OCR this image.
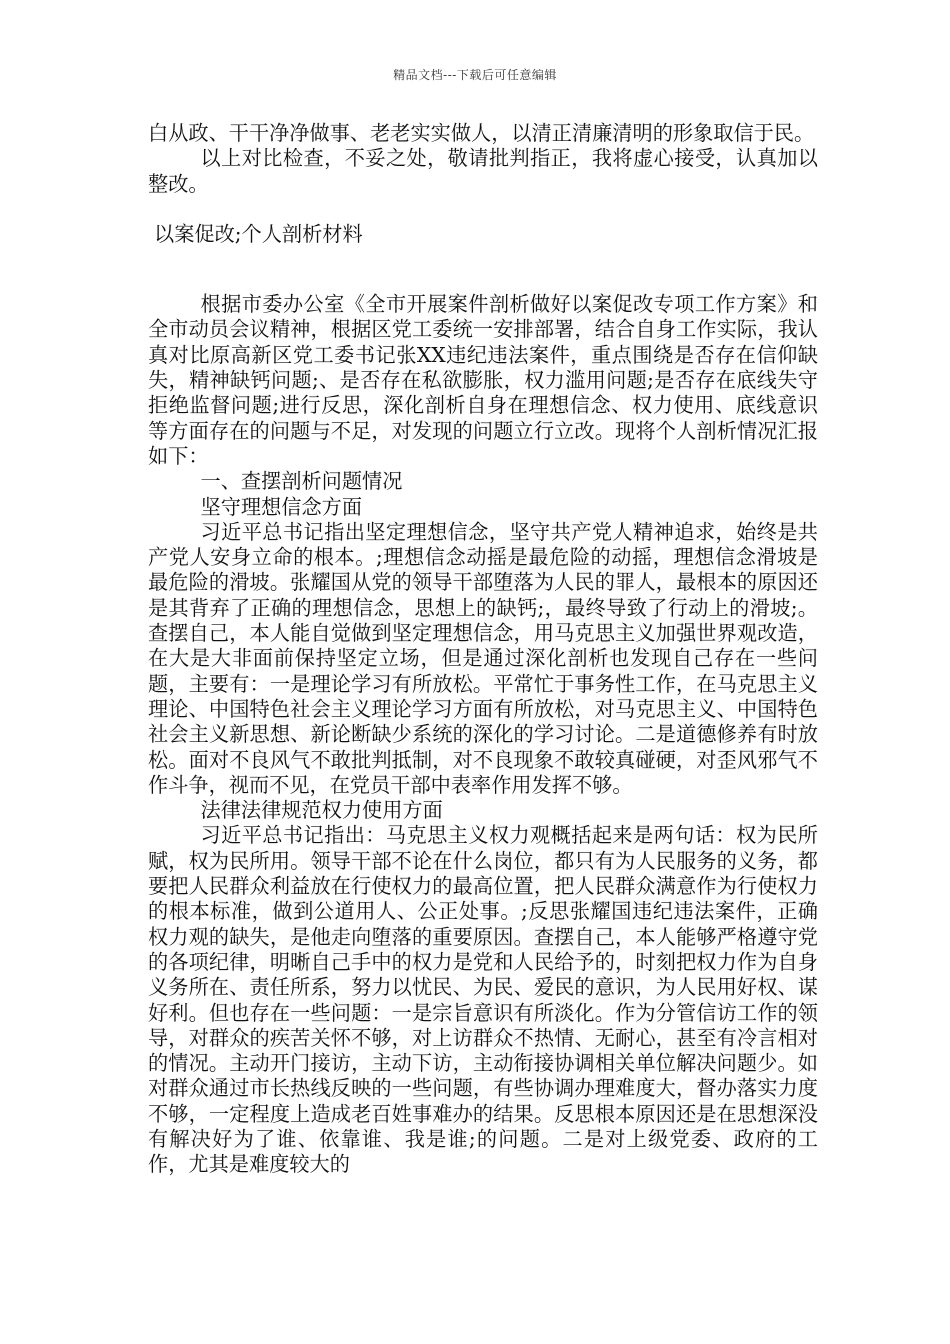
精品文档---下载后可任意编辑

白从政、干干净净做事、老老实实做人，以清正清廉清明的形象取信于民。

以上对比检查，不妥之处，敬请批判指正，我将虚心接受，认真加以整改。

以案促改;个人剖析材料

根据市委办公室《全市开展案件剖析做好以案促改专项工作方案》和全市动员会议精神，根据区党工委统一安排部署，结合自身工作实际，我认真对比原高新区党工委书记张XX违纪违法案件，重点围绕是否存在信仰缺失，精神缺钙问题;、是否存在私欲膨胀，权力滥用问题;是否存在底线失守拒绝监督问题;进行反思，深化剖析自身在理想信念、权力使用、底线意识等方面存在的问题与不足，对发现的问题立行立改。现将个人剖析情况汇报如下：

一、查摆剖析问题情况

坚守理想信念方面

习近平总书记指出坚定理想信念，坚守共产党人精神追求，始终是共产党人安身立命的根本。;理想信念动摇是最危险的动摇，理想信念滑坡是最危险的滑坡。张耀国从党的领导干部堕落为人民的罪人，最根本的原因还是其背弃了正确的理想信念，思想上的缺钙;，最终导致了行动上的滑坡;。查摆自己，本人能自觉做到坚定理想信念，用马克思主义加强世界观改造，在大是大非面前保持坚定立场，但是通过深化剖析也发现自己存在一些问题，主要有：一是理论学习有所放松。平常忙于事务性工作，在马克思主义理论、中国特色社会主义理论学习方面有所放松，对马克思主义、中国特色社会主义新思想、新论断缺少系统的深化的学习讨论。二是道德修养有时放松。面对不良风气不敢批判抵制，对不良现象不敢较真碰硬，对歪风邪气不作斗争，视而不见，在党员干部中表率作用发挥不够。

法律法律规范权力使用方面

习近平总书记指出：马克思主义权力观概括起来是两句话：权为民所赋，权为民所用。领导干部不论在什么岗位，都只有为人民服务的义务，都要把人民群众利益放在行使权力的最高位置，把人民群众满意作为行使权力的根本标准，做到公道用人、公正处事。;反思张耀国违纪违法案件，正确权力观的缺失，是他走向堕落的重要原因。查摆自己，本人能够严格遵守党的各项纪律，明晰自己手中的权力是党和人民给予的，时刻把权力作为自身义务所在、责任所系，努力以忧民、为民、爱民的意识，为人民用好权、谋好利。但也存在一些问题：一是宗旨意识有所淡化。作为分管信访工作的领导，对群众的疾苦关怀不够，对上访群众不热情、无耐心，甚至有冷言相对的情况。主动开门接访，主动下访，主动衔接协调相关单位解决问题少。如对群众通过市长热线反映的一些问题，有些协调办理难度大，督办落实力度不够，一定程度上造成老百姓事难办的结果。反思根本原因还是在思想深没有解决好为了谁、依靠谁、我是谁;的问题。二是对上级党委、政府的工作，尤其是难度较大的
